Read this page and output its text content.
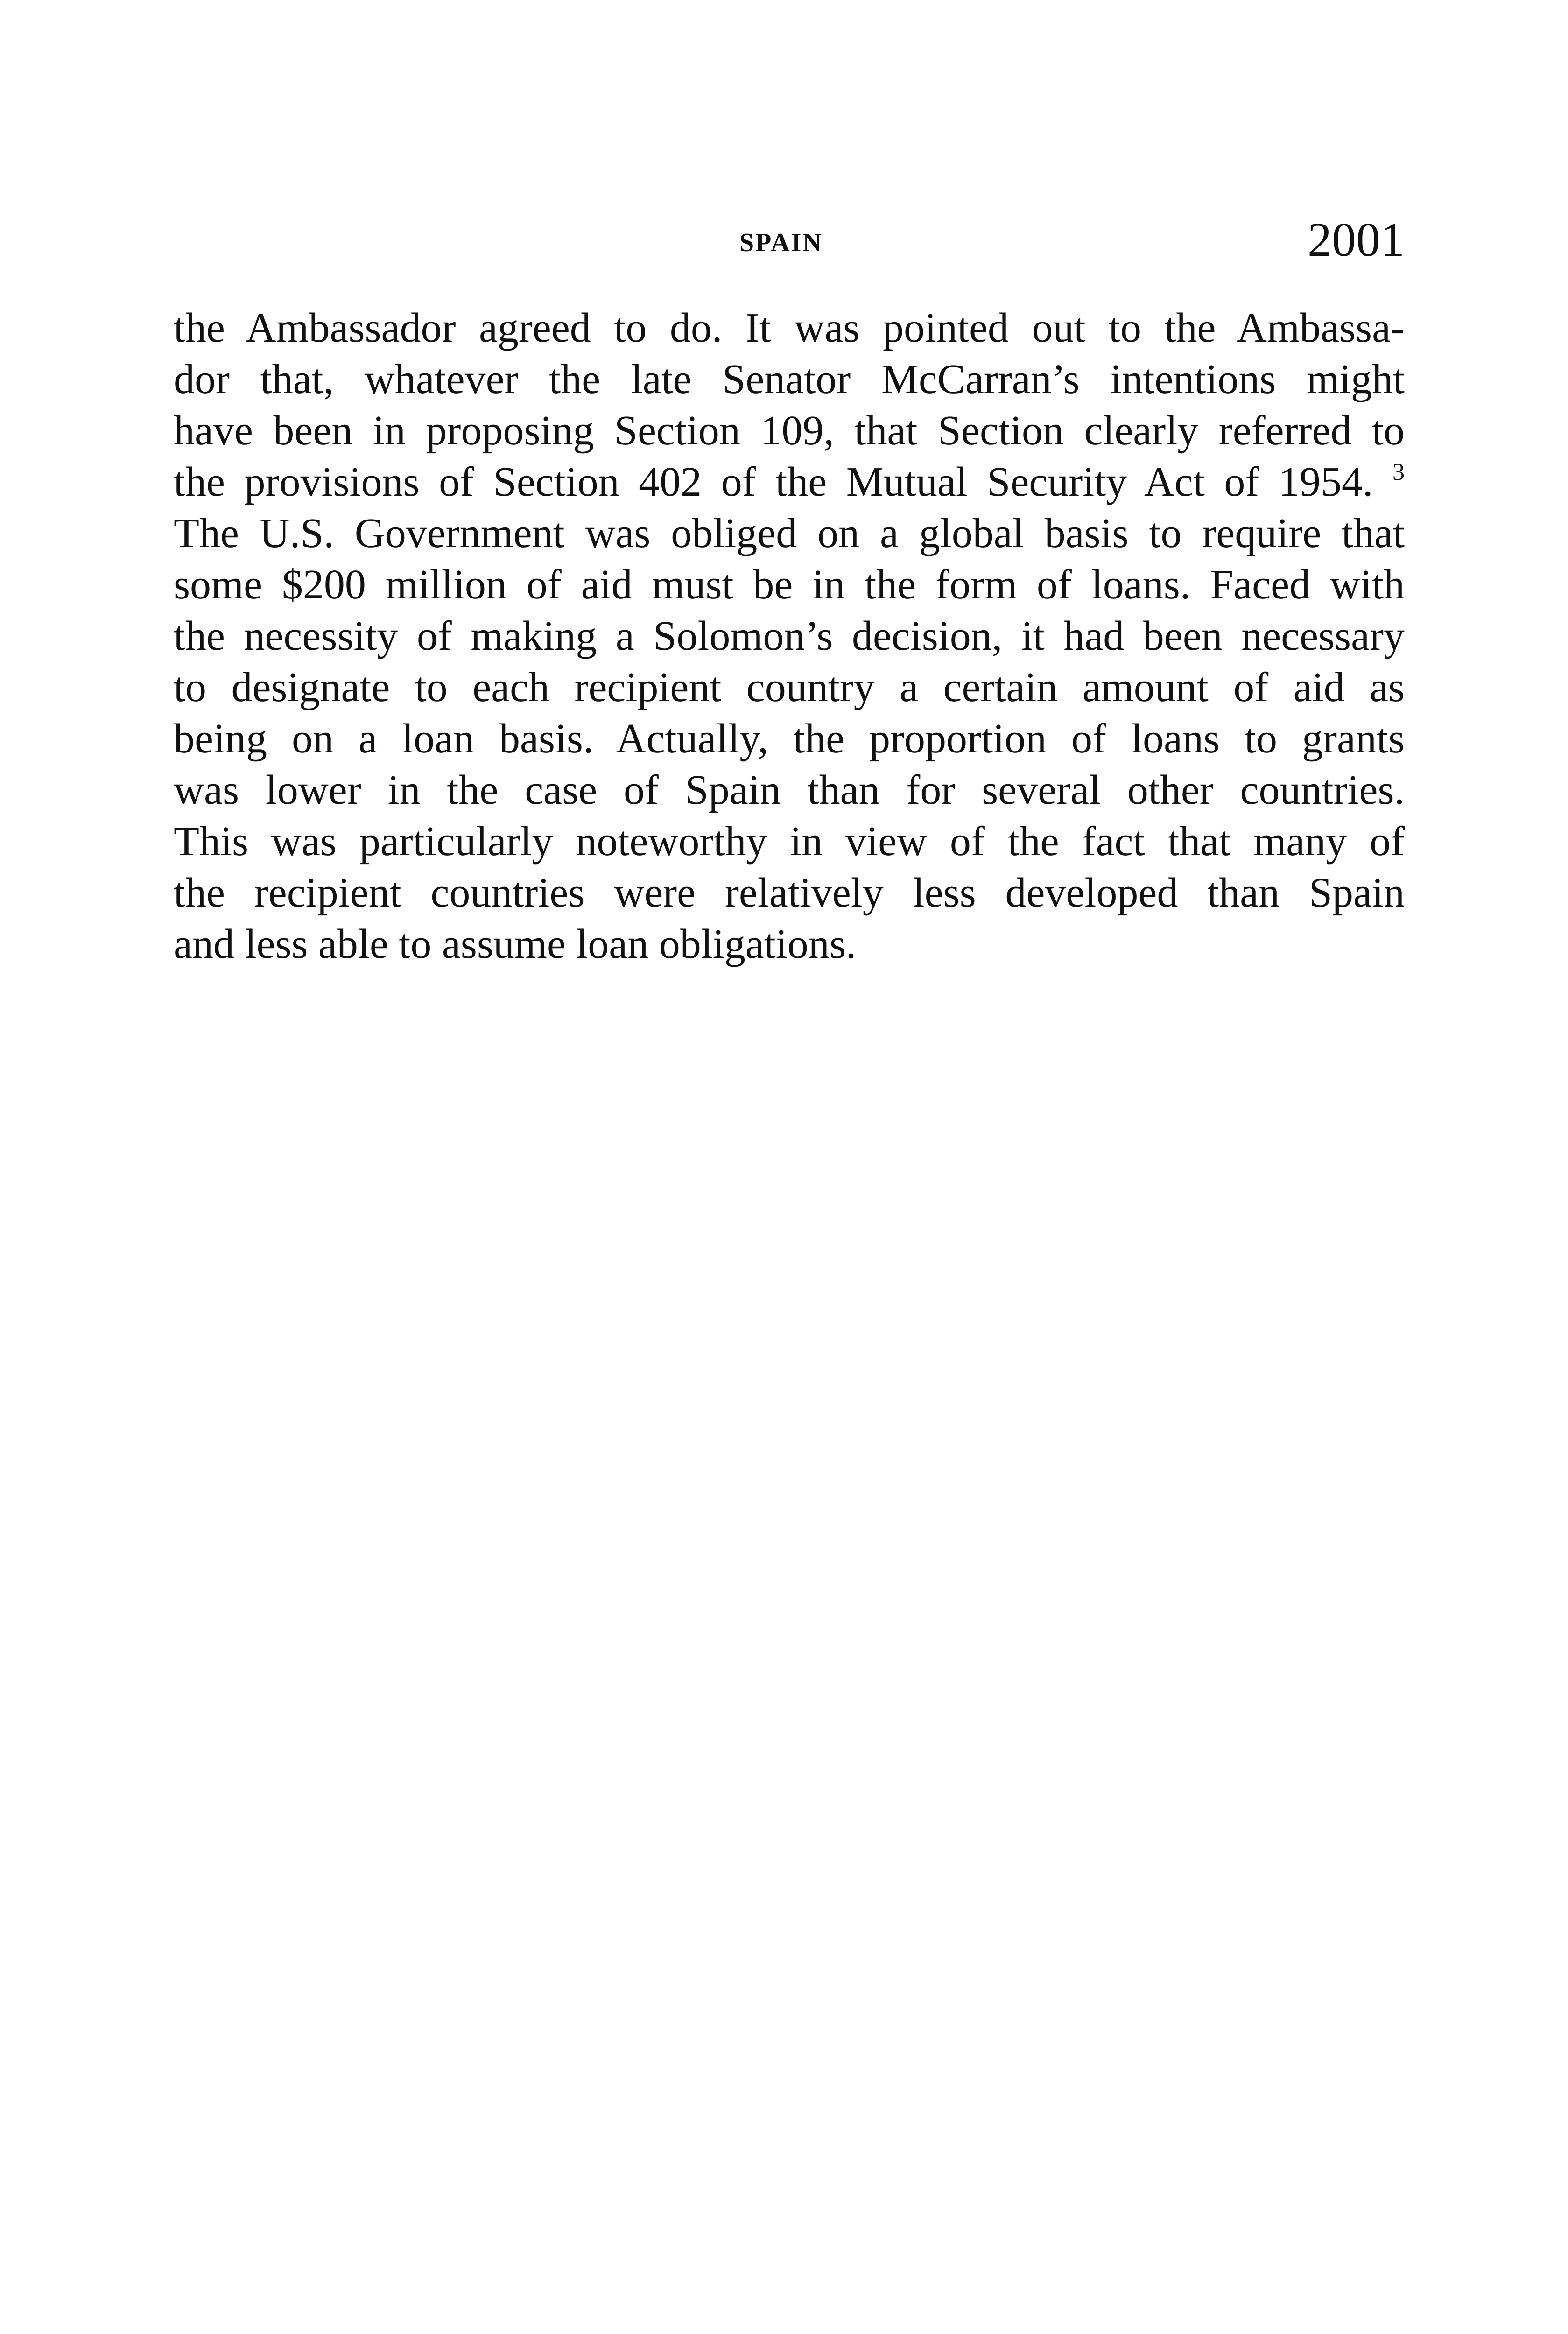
SPAIN	2001
the Ambassador agreed to do. It was pointed out to the Ambassa-
dor that, whatever the late Senator McCarran’s intentions might
have been in proposing Section 109, that Section clearly referred to
the provisions of Section 402 of the Mutual Security Act of 1954. $^3$
The U.S. Government was obliged on a global basis to require that
some $200 million of aid must be in the form of loans. Faced with
the necessity of making a Solomon’s decision, it had been necessary
to designate to each recipient country a certain amount of aid as
being on a loan basis. Actually, the proportion of loans to grants
was lower in the case of Spain than for several other countries.
This was particularly noteworthy in view of the fact that many of
the recipient countries were relatively less developed than Spain
and less able to assume loan obligations.
